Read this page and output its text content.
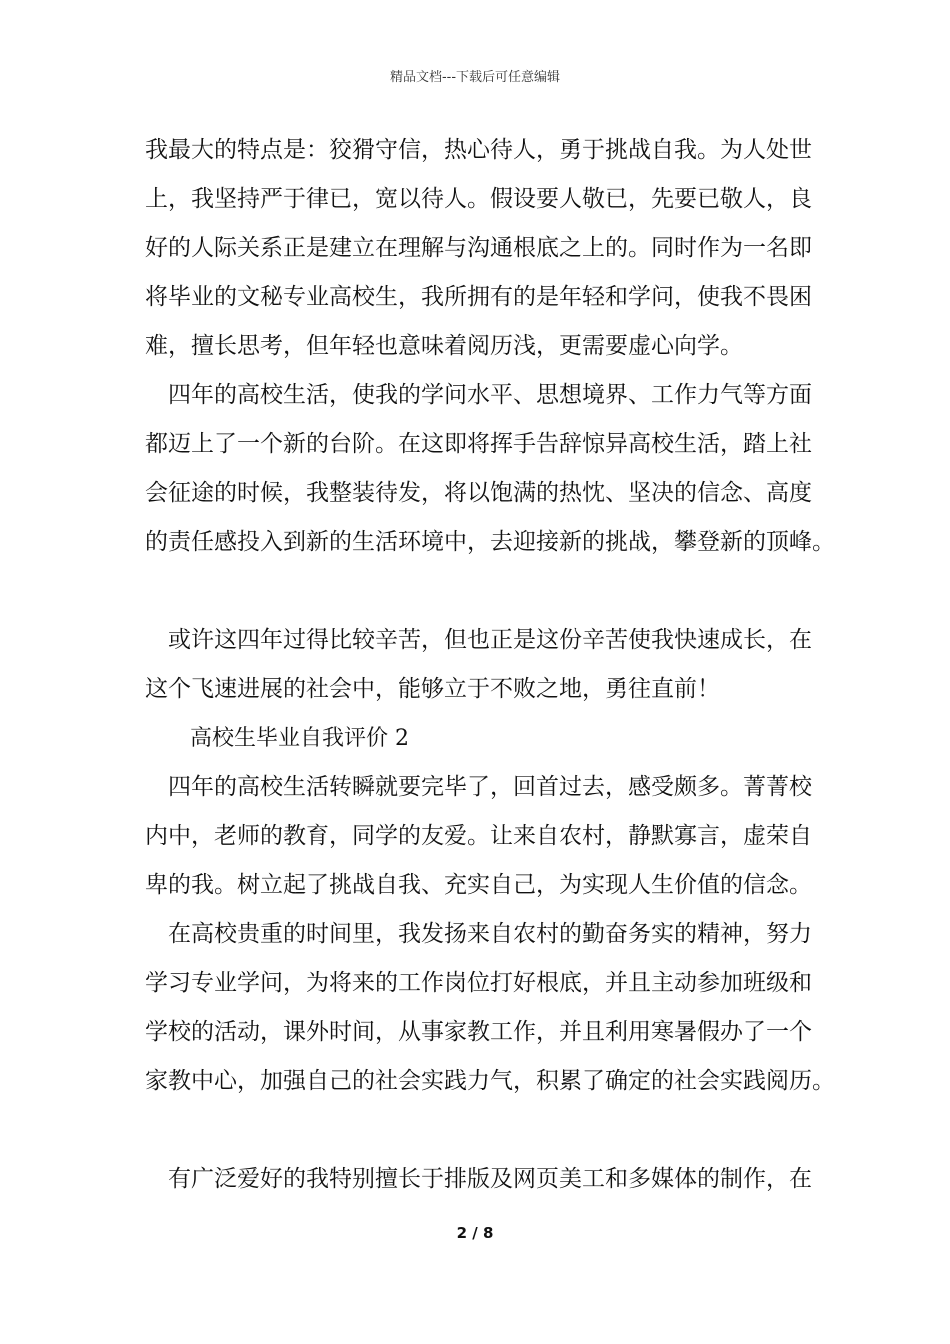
精品文档---下载后可任意编辑
我最大的特点是：狡猾守信，热心待人，勇于挑战自我。为人处世
上，我坚持严于律已，宽以待人。假设要人敬已，先要已敬人，良
好的人际关系正是建立在理解与沟通根底之上的。同时作为一名即
将毕业的文秘专业高校生，我所拥有的是年轻和学问，使我不畏困
难，擅长思考，但年轻也意味着阅历浅，更需要虚心向学。
四年的高校生活，使我的学问水平、思想境界、工作力气等方面
都迈上了一个新的台阶。在这即将挥手告辞惊异高校生活，踏上社
会征途的时候，我整装待发，将以饱满的热忱、坚决的信念、高度
的责任感投入到新的生活环境中，去迎接新的挑战，攀登新的顶峰。
或许这四年过得比较辛苦，但也正是这份辛苦使我快速成长，在
这个飞速进展的社会中，能够立于不败之地，勇往直前！
高校生毕业自我评价 2
四年的高校生活转瞬就要完毕了，回首过去，感受颇多。菁菁校
内中，老师的教育，同学的友爱。让来自农村，静默寡言，虚荣自
卑的我。树立起了挑战自我、充实自己，为实现人生价值的信念。
在高校贵重的时间里，我发扬来自农村的勤奋务实的精神，努力
学习专业学问，为将来的工作岗位打好根底，并且主动参加班级和
学校的活动，课外时间，从事家教工作，并且利用寒暑假办了一个
家教中心，加强自己的社会实践力气，积累了确定的社会实践阅历。
有广泛爱好的我特别擅长于排版及网页美工和多媒体的制作，在
2 / 8
